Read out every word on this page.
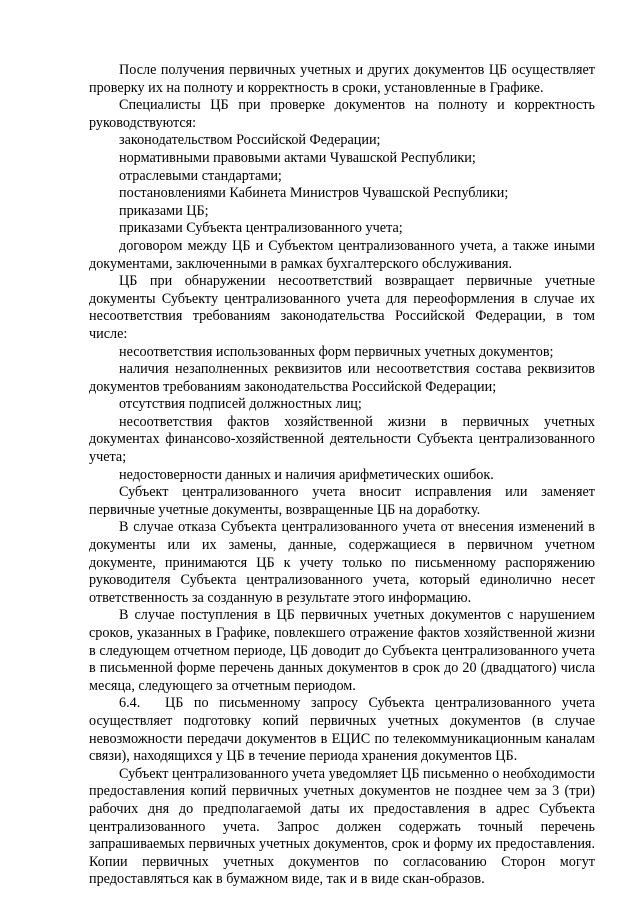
После получения первичных учетных и других документов ЦБ осуществляет проверку их на полноту и корректность в сроки, установленные в Графике.

Специалисты ЦБ при проверке документов на полноту и корректность руководствуются:

законодательством Российской Федерации;

нормативными правовыми актами Чувашской Республики;

отраслевыми стандартами;

постановлениями Кабинета Министров Чувашской Республики;

приказами ЦБ;

приказами Субъекта централизованного учета;

договором между ЦБ и Субъектом централизованного учета, а также иными документами, заключенными в рамках бухгалтерского обслуживания.

ЦБ при обнаружении несоответствий возвращает первичные учетные документы Субъекту централизованного учета для переоформления в случае их несоответствия требованиям законодательства Российской Федерации, в том числе:

несоответствия использованных форм первичных учетных документов;

наличия незаполненных реквизитов или несоответствия состава реквизитов документов требованиям законодательства Российской Федерации;

отсутствия подписей должностных лиц;

несоответствия фактов хозяйственной жизни в первичных учетных документах финансово-хозяйственной деятельности Субъекта централизованного учета;

недостоверности данных и наличия арифметических ошибок.

Субъект централизованного учета вносит исправления или заменяет первичные учетные документы, возвращенные ЦБ на доработку.

В случае отказа Субъекта централизованного учета от внесения изменений в документы или их замены, данные, содержащиеся в первичном учетном документе, принимаются ЦБ к учету только по письменному распоряжению руководителя Субъекта централизованного учета, который единолично несет ответственность за созданную в результате этого информацию.

В случае поступления в ЦБ первичных учетных документов с нарушением сроков, указанных в Графике, повлекшего отражение фактов хозяйственной жизни в следующем отчетном периоде, ЦБ доводит до Субъекта централизованного учета в письменной форме перечень данных документов в срок до 20 (двадцатого) числа месяца, следующего за отчетным периодом.

6.4.  ЦБ по письменному запросу Субъекта централизованного учета осуществляет подготовку копий первичных учетных документов (в случае невозможности передачи документов в ЕЦИС по телекоммуникационным каналам связи), находящихся у ЦБ в течение периода хранения документов ЦБ.

Субъект централизованного учета уведомляет ЦБ письменно о необходимости предоставления копий первичных учетных документов не позднее чем за 3 (три) рабочих дня до предполагаемой даты их предоставления в адрес Субъекта централизованного учета. Запрос должен содержать точный перечень запрашиваемых первичных учетных документов, срок и форму их предоставления. Копии первичных учетных документов по согласованию Сторон могут предоставляться как в бумажном виде, так и в виде скан-образов.
